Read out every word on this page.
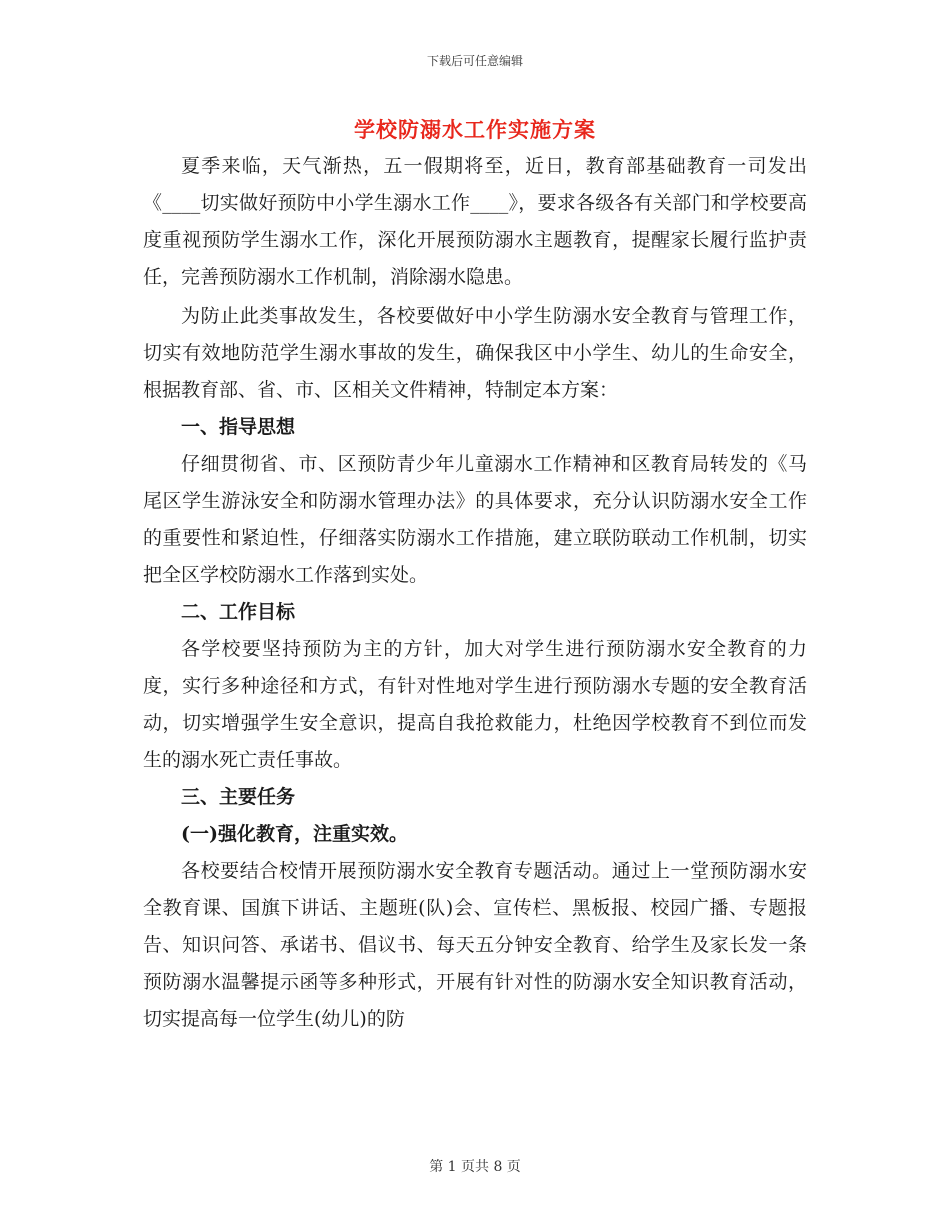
下载后可任意编辑
学校防溺水工作实施方案

夏季来临，天气渐热，五一假期将至，近日，教育部基础教育一司发出《____切实做好预防中小学生溺水工作____》，要求各级各有关部门和学校要高度重视预防学生溺水工作，深化开展预防溺水主题教育，提醒家长履行监护责任，完善预防溺水工作机制，消除溺水隐患。

为防止此类事故发生，各校要做好中小学生防溺水安全教育与管理工作，切实有效地防范学生溺水事故的发生，确保我区中小学生、幼儿的生命安全，根据教育部、省、市、区相关文件精神，特制定本方案：

一、指导思想

仔细贯彻省、市、区预防青少年儿童溺水工作精神和区教育局转发的《马尾区学生游泳安全和防溺水管理办法》的具体要求，充分认识防溺水安全工作的重要性和紧迫性，仔细落实防溺水工作措施，建立联防联动工作机制，切实把全区学校防溺水工作落到实处。

二、工作目标

各学校要坚持预防为主的方针，加大对学生进行预防溺水安全教育的力度，实行多种途径和方式，有针对性地对学生进行预防溺水专题的安全教育活动，切实增强学生安全意识，提高自我抢救能力，杜绝因学校教育不到位而发生的溺水死亡责任事故。

三、主要任务
(一)强化教育，注重实效。

各校要结合校情开展预防溺水安全教育专题活动。通过上一堂预防溺水安全教育课、国旗下讲话、主题班(队)会、宣传栏、黑板报、校园广播、专题报告、知识问答、承诺书、倡议书、每天五分钟安全教育、给学生及家长发一条预防溺水温馨提示函等多种形式，开展有针对性的防溺水安全知识教育活动，切实提高每一位学生(幼儿)的防

第 1 页共 8 页
